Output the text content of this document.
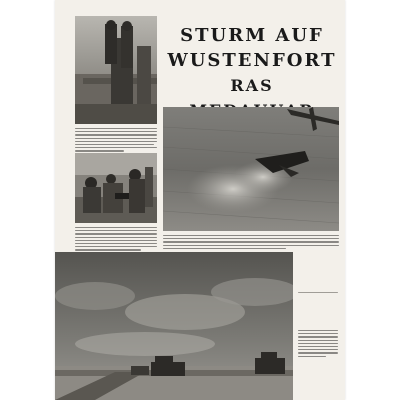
STURM AUF
WUSTENFORT
RAS
